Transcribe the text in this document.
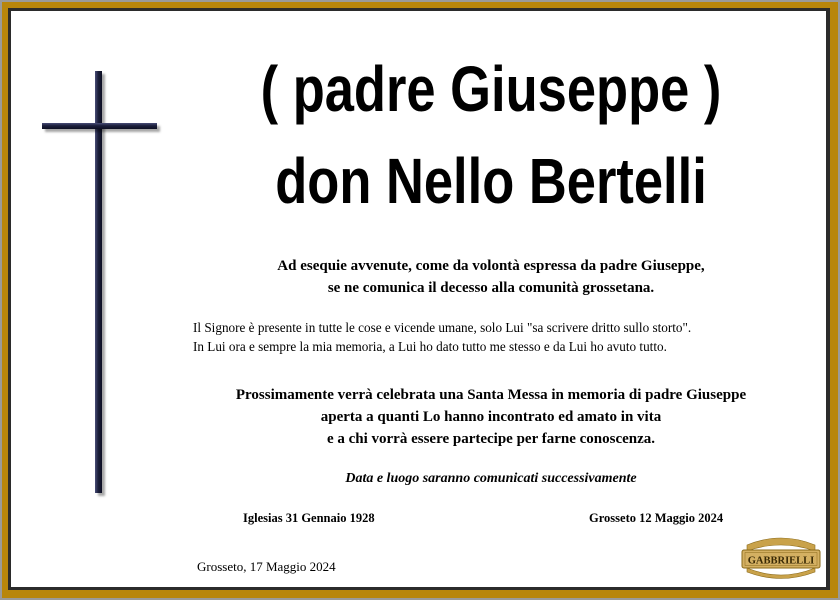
( padre Giuseppe )
don Nello Bertelli
Ad esequie avvenute, come da volontà espressa da padre Giuseppe,
se ne comunica il decesso alla comunità grossetana.
Il Signore è presente in tutte le cose e vicende umane, solo Lui "sa scrivere dritto sullo storto".
In Lui ora e sempre la mia memoria, a Lui ho dato tutto me stesso e da Lui ho avuto tutto.
Prossimamente verrà celebrata una Santa Messa in memoria di padre Giuseppe
aperta a quanti Lo hanno incontrato ed amato in vita
e a chi vorrà essere partecipe per farne conoscenza.
Data e luogo saranno comunicati successivamente
Iglesias 31 Gennaio 1928	Grosseto 12 Maggio 2024
Grosseto, 17 Maggio 2024	GABBRIELLI
